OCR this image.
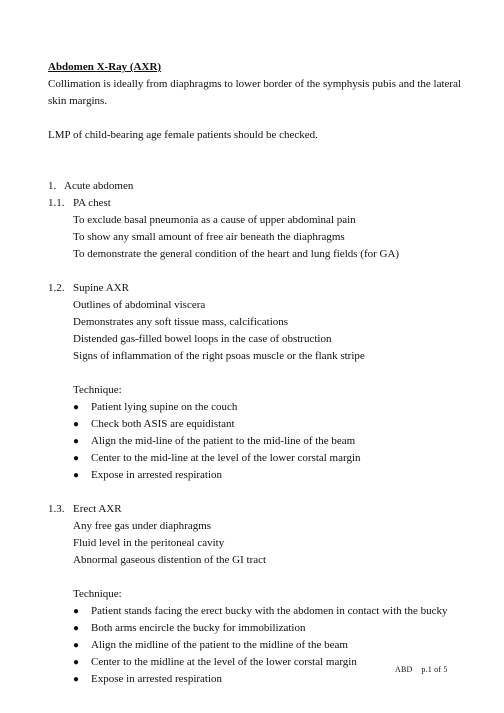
Abdomen X-Ray (AXR)
Collimation is ideally from diaphragms to lower border of the symphysis pubis and the lateral skin margins.
LMP of child-bearing age female patients should be checked.
1. Acute abdomen
1.1. PA chest
To exclude basal pneumonia as a cause of upper abdominal pain
To show any small amount of free air beneath the diaphragms
To demonstrate the general condition of the heart and lung fields (for GA)
1.2. Supine AXR
Outlines of abdominal viscera
Demonstrates any soft tissue mass, calcifications
Distended gas-filled bowel loops in the case of obstruction
Signs of inflammation of the right psoas muscle or the flank stripe
Technique:
●	Patient lying supine on the couch
●	Check both ASIS are equidistant
●	Align the mid-line of the patient to the mid-line of the beam
●	Center to the mid-line at the level of the lower corstal margin
●	Expose in arrested respiration
1.3. Erect AXR
Any free gas under diaphragms
Fluid level in the peritoneal cavity
Abnormal gaseous distention of the GI tract
Technique:
●	Patient stands facing the erect bucky with the abdomen in contact with the bucky
●	Both arms encircle the bucky for immobilization
●	Align the midline of the patient to the midline of the beam
●	Center to the midline at the level of the lower corstal margin
●	Expose in arrested respiration
ABD p.1 of 5
